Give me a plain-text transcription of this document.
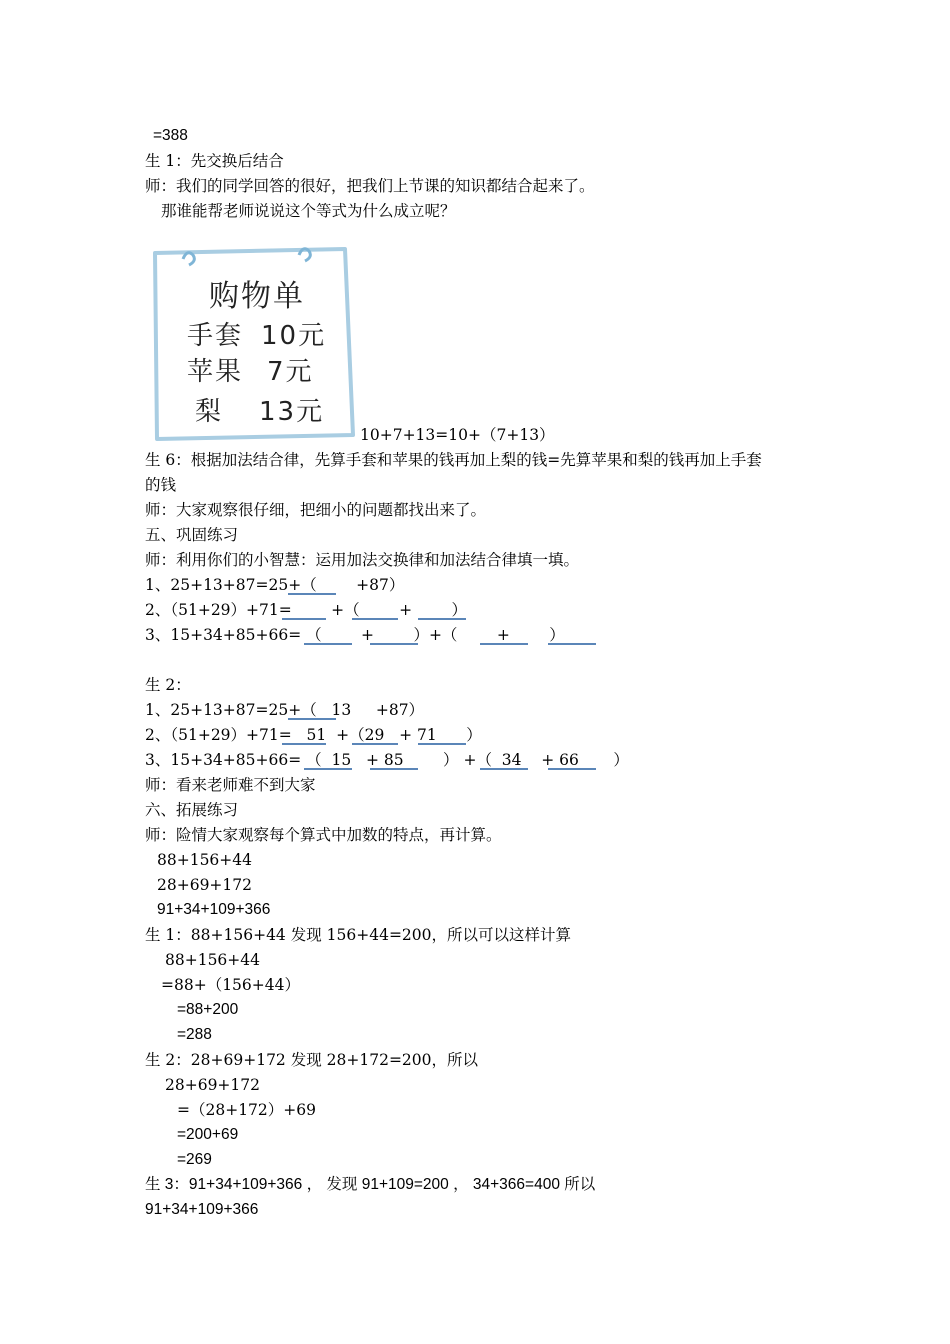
=388
生 1：先交换后结合
师：我们的同学回答的很好，把我们上节课的知识都结合起来了。
那谁能帮老师说说这个等式为什么成立呢？
购物单
手套 10元
苹果 7元
梨 13元
10+7+13=10+（7+13）
生 6：根据加法结合律，先算手套和苹果的钱再加上梨的钱=先算苹果和梨的钱再加上手套
的钱
师：大家观察很仔细，把细小的问题都找出来了。
五、巩固练习
师：利用你们的小智慧：运用加法交换律和加法结合律填一填。
1、25+13+87=25+（        +87）
2、（51+29）+71=        +（        +        ）
3、15+34+85+66= （        +        ）+（        +        ）
生 2：
1、25+13+87=25+（   13     +87）
2、（51+29）+71=   51  +（29   + 71      ）
3、15+34+85+66= （  15   + 85        ） +（  34    + 66       ）
师：看来老师难不到大家
六、拓展练习
师：险情大家观察每个算式中加数的特点，再计算。
88+156+44
28+69+172
91+34+109+366
生 1：88+156+44 发现 156+44=200，所以可以这样计算
88+156+44
=88+（156+44）
=88+200
=288
生 2：28+69+172 发现 28+172=200，所以
28+69+172
=（28+172）+69
=200+69
=269
生 3：91+34+109+366 ， 发现 91+109=200 ， 34+366=400 所以
91+34+109+366
